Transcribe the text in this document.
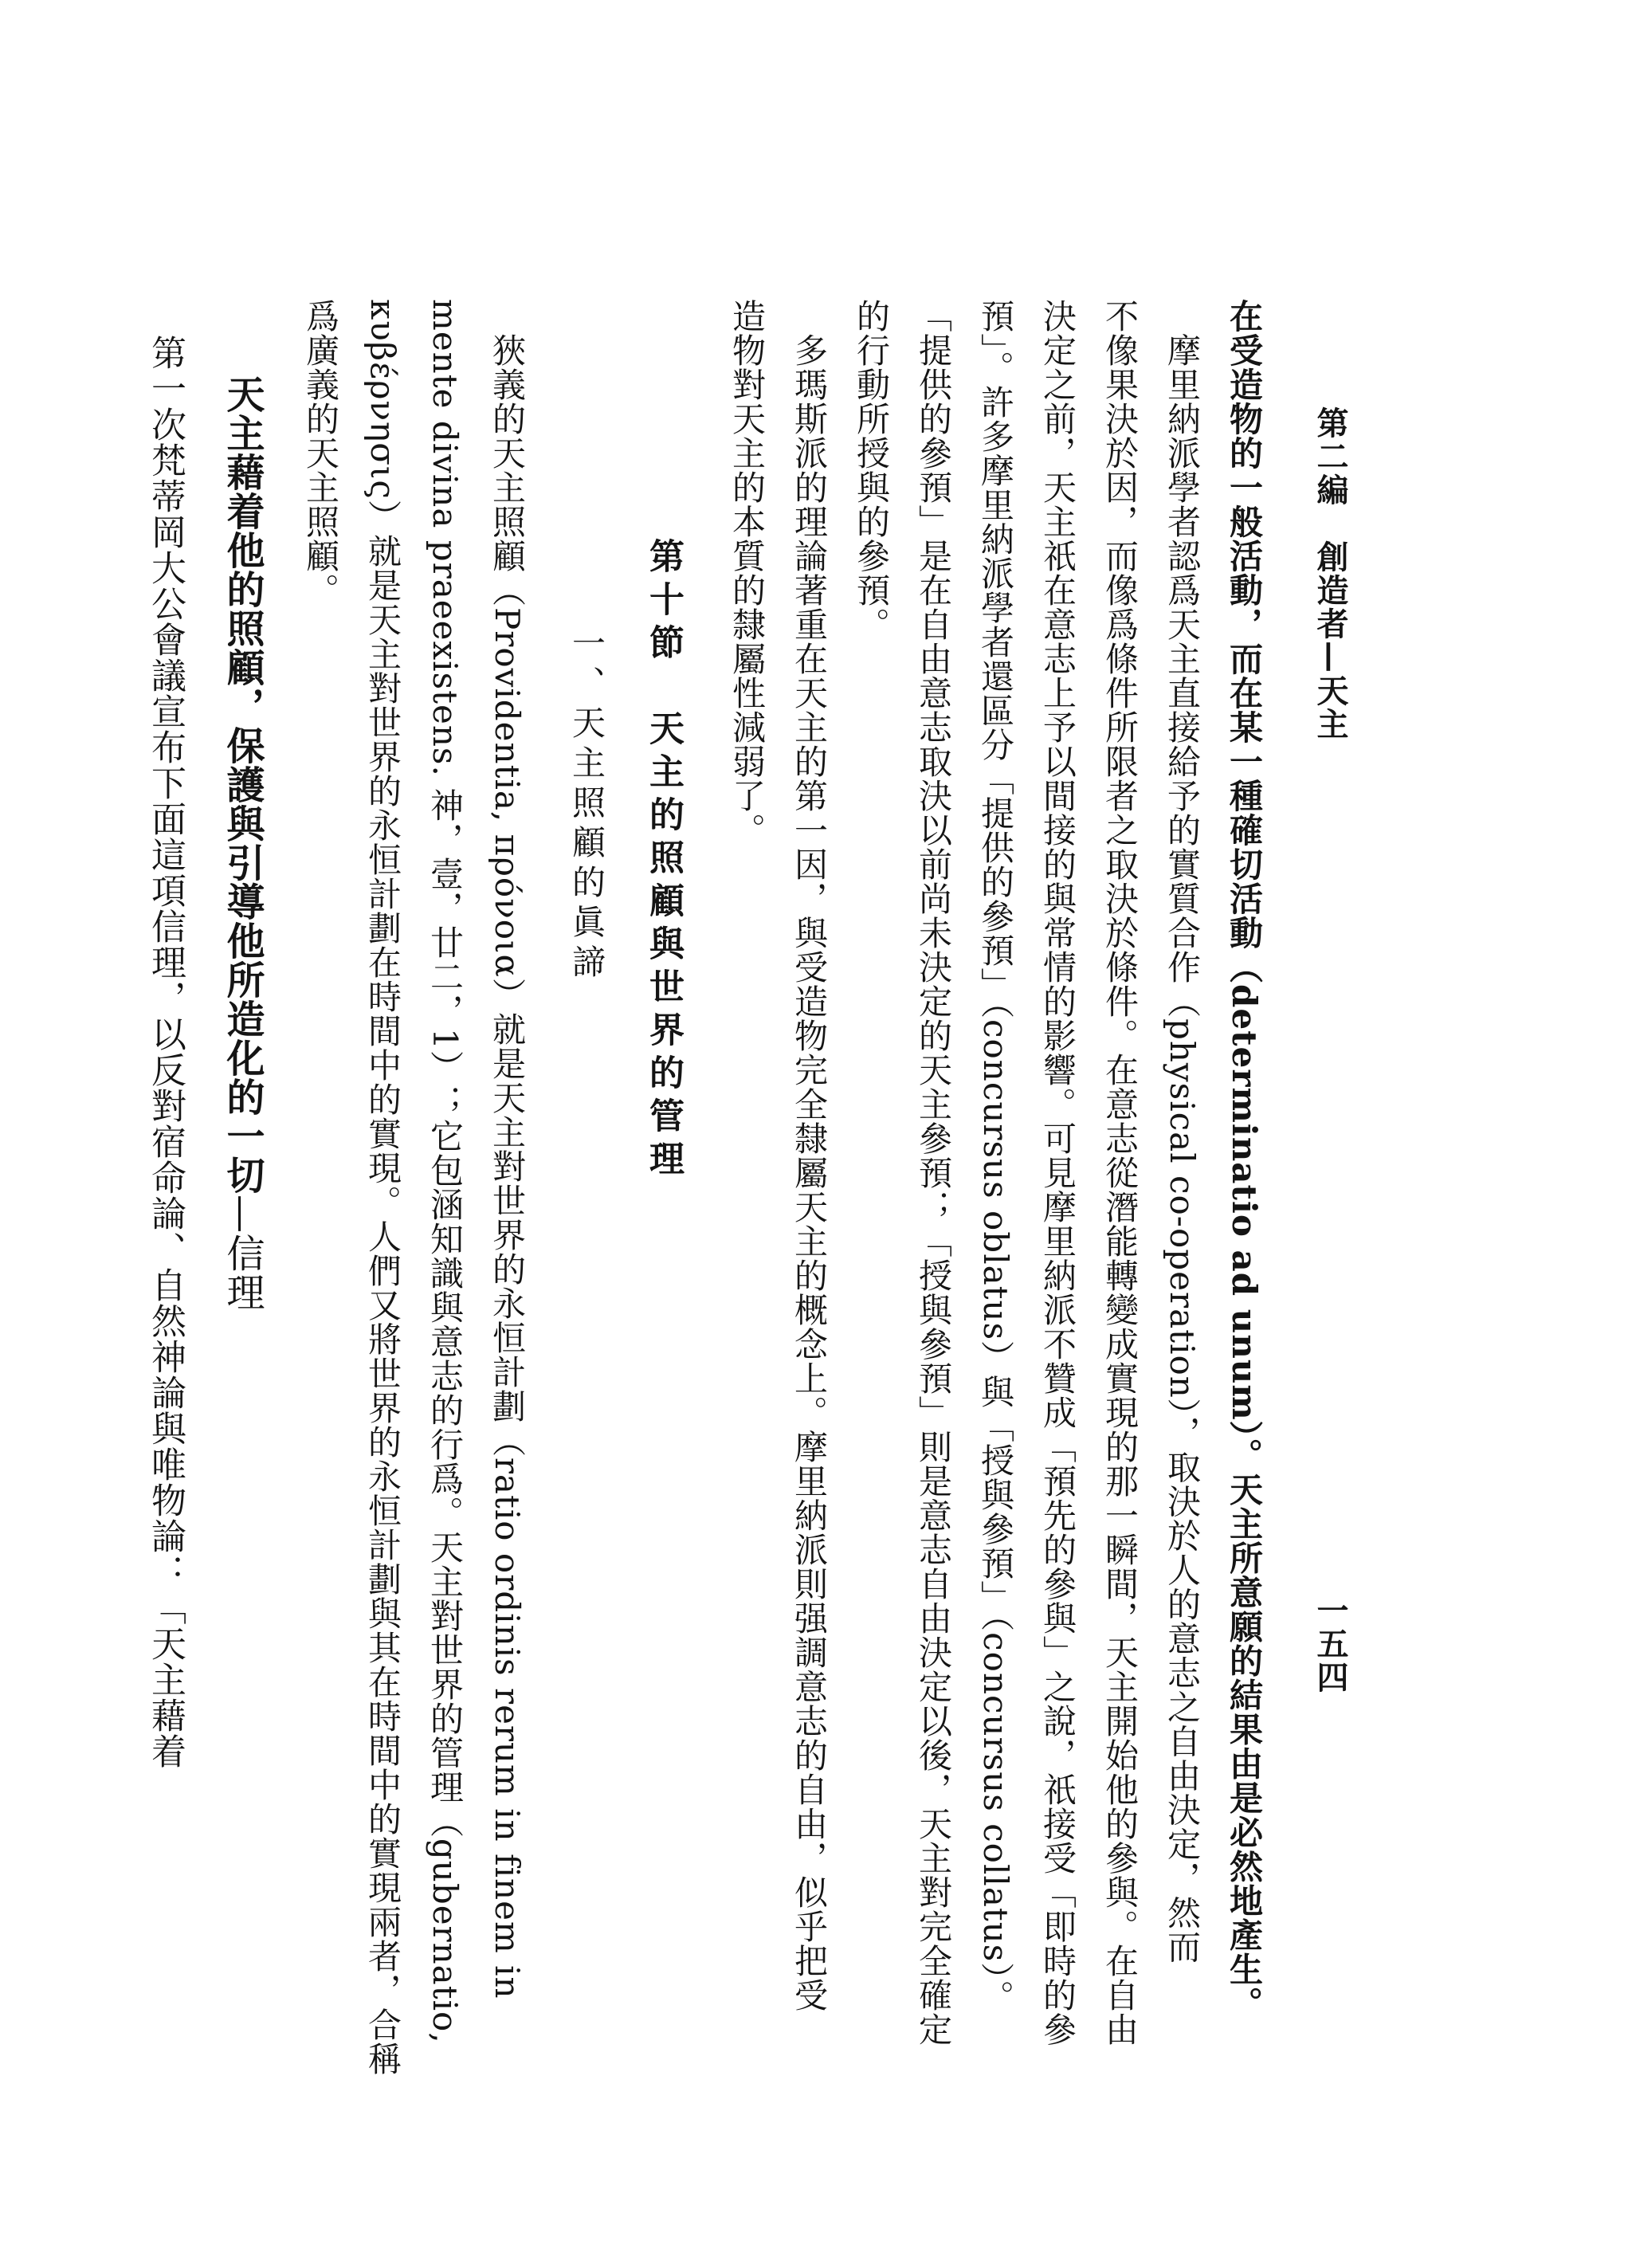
第二編　創造者—天主
一五四
在受造物的一般活動，而在某一種確切活動（determinatio ad unum）。天主所意願的結果由是必然地產生。
　摩里納派學者認爲天主直接給予的實質合作（physical co-operation），取決於人的意志之自由決定，然而
不像果決於因，而像爲條件所限者之取決於條件。在意志從潛能轉變成實現的那一瞬間，天主開始他的參與。在自由
決定之前，天主祇在意志上予以間接的與常情的影響。可見摩里納派不贊成「預先的參與」之說，祇接受「即時的參
預」。許多摩里納派學者還區分「提供的參預」（concursus oblatus）與「授與參預」（concursus collatus）。
「提供的參預」是在自由意志取決以前尚未決定的天主參預；「授與參預」則是意志自由決定以後，天主對完全確定
的行動所授與的參預。
　多瑪斯派的理論著重在天主的第一因，與受造物完全隸屬天主的概念上。摩里納派則强調意志的自由，似乎把受
造物對天主的本質的隸屬性減弱了。
第十節　天主的照顧與世界的管理
一、天主照顧的眞諦
　狹義的天主照顧（Providentia, πρόνοια）就是天主對世界的永恒計劃（ratio ordinis rerum in finem in
mente divina praeexistens. 神，壹，廿二，1）；它包涵知識與意志的行爲。天主對世界的管理（gubernatio,
κυβέρνησις）就是天主對世界的永恒計劃在時間中的實現。人們又將世界的永恒計劃與其在時間中的實現兩者，合稱
爲廣義的天主照顧。
天主藉着他的照顧，保護與引導他所造化的一切—信理
　第一次梵蒂岡大公會議宣布下面這項信理，以反對宿命論、自然神論與唯物論：「天主藉着
